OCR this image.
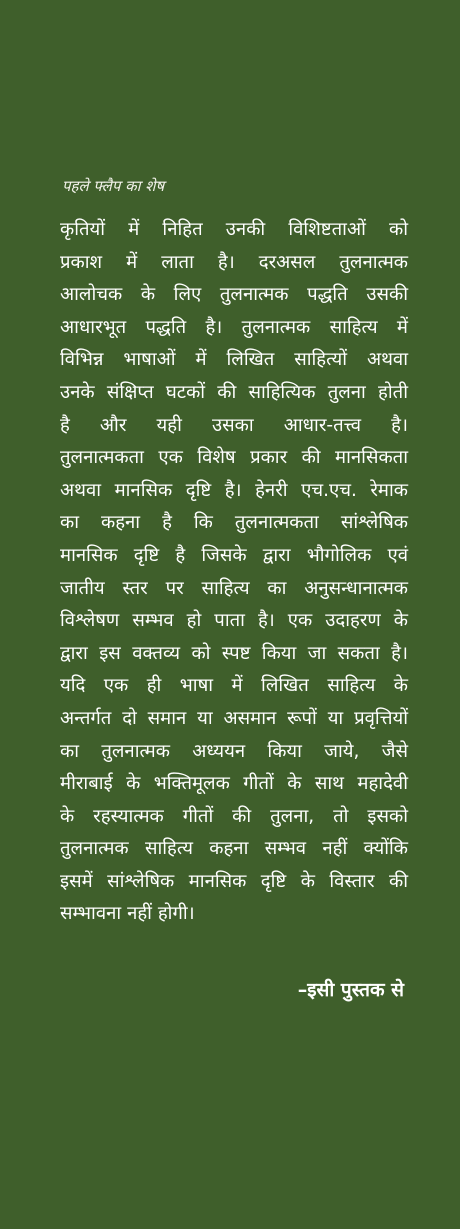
पहले फ्लैप का शेष
कृतियों में निहित उनकी विशिष्टताओं को
प्रकाश में लाता है। दरअसल तुलनात्मक
आलोचक के लिए तुलनात्मक पद्धति उसकी
आधारभूत पद्धति है। तुलनात्मक साहित्य में
विभिन्न भाषाओं में लिखित साहित्यों अथवा
उनके संक्षिप्त घटकों की साहित्यिक तुलना होती
है और यही उसका आधार-तत्त्व है।
तुलनात्मकता एक विशेष प्रकार की मानसिकता
अथवा मानसिक दृष्टि है। हेनरी एच.एच. रेमाक
का कहना है कि तुलनात्मकता सांश्लेषिक
मानसिक दृष्टि है जिसके द्वारा भौगोलिक एवं
जातीय स्तर पर साहित्य का अनुसन्धानात्मक
विश्लेषण सम्भव हो पाता है। एक उदाहरण के
द्वारा इस वक्तव्य को स्पष्ट किया जा सकता है।
यदि एक ही भाषा में लिखित साहित्य के
अन्तर्गत दो समान या असमान रूपों या प्रवृत्तियों
का तुलनात्मक अध्ययन किया जाये, जैसे
मीराबाई के भक्तिमूलक गीतों के साथ महादेवी
के रहस्यात्मक गीतों की तुलना, तो इसको
तुलनात्मक साहित्य कहना सम्भव नहीं क्योंकि
इसमें सांश्लेषिक मानसिक दृष्टि के विस्तार की
सम्भावना नहीं होगी।
–इसी पुस्तक से
